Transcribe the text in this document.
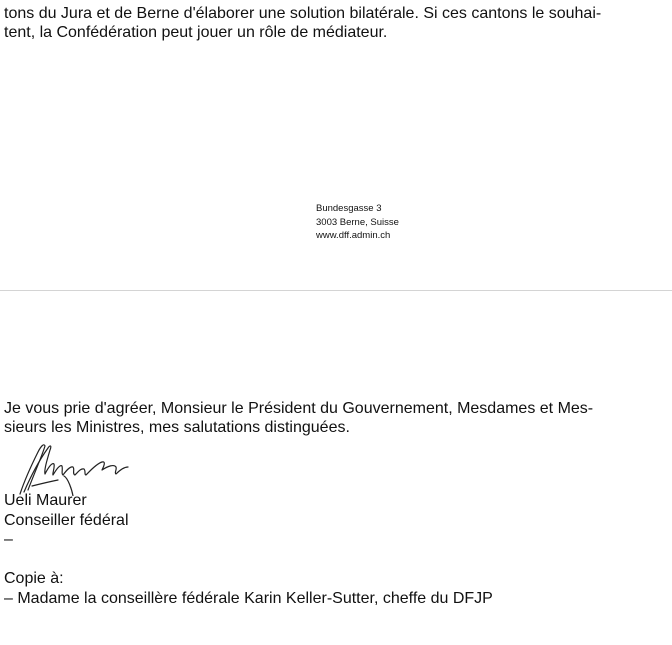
tons du Jura et de Berne d'élaborer une solution bilatérale. Si ces cantons le souhai-
tent, la Confédération peut jouer un rôle de médiateur.

Bundesgasse 3
3003 Berne, Suisse
www.dff.admin.ch

Je vous prie d'agréer, Monsieur le Président du Gouvernement, Mesdames et Mes-
sieurs les Ministres, mes salutations distinguées.

Ueli Maurer
Conseiller fédéral
–
Copie à:
– Madame la conseillère fédérale Karin Keller-Sutter, cheffe du DFJP
